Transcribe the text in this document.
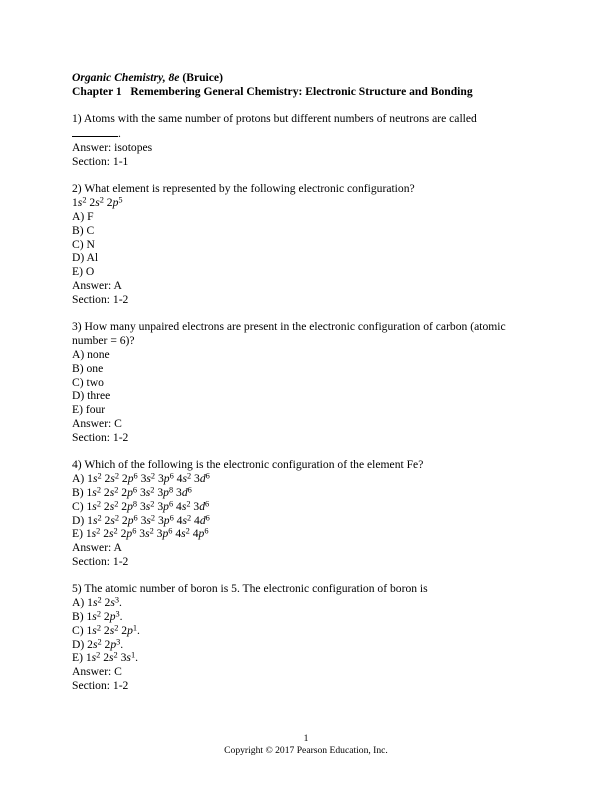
Organic Chemistry, 8e (Bruice)
Chapter 1 Remembering General Chemistry: Electronic Structure and Bonding
1) Atoms with the same number of protons but different numbers of neutrons are called
.
Answer: isotopes
Section: 1-1
2) What element is represented by the following electronic configuration?
$1s^2$ $2s^2$ $2p^5$
A) F
B) C
C) N
D) Al
E) O
Answer: A
Section: 1-2
3) How many unpaired electrons are present in the electronic configuration of carbon (atomic
number = 6)?
A) none
B) one
C) two
D) three
E) four
Answer: C
Section: 1-2
4) Which of the following is the electronic configuration of the element Fe?
A) $1s^2$ $2s^2$ $2p^6$ $3s^2$ $3p^6$ $4s^2$ $3d^6$
B) $1s^2$ $2s^2$ $2p^6$ $3s^2$ $3p^8$ $3d^6$
C) $1s^2$ $2s^2$ $2p^8$ $3s^2$ $3p^6$ $4s^2$ $3d^6$
D) $1s^2$ $2s^2$ $2p^6$ $3s^2$ $3p^6$ $4s^2$ $4d^6$
E) $1s^2$ $2s^2$ $2p^6$ $3s^2$ $3p^6$ $4s^2$ $4p^6$
Answer: A
Section: 1-2
5) The atomic number of boron is 5. The electronic configuration of boron is
A) $1s^2$ $2s^3$.
B) $1s^2$ $2p^3$.
C) $1s^2$ $2s^2$ $2p^1$.
D) $2s^2$ $2p^3$.
E) $1s^2$ $2s^2$ $3s^1$.
Answer: C
Section: 1-2
1
Copyright © 2017 Pearson Education, Inc.
